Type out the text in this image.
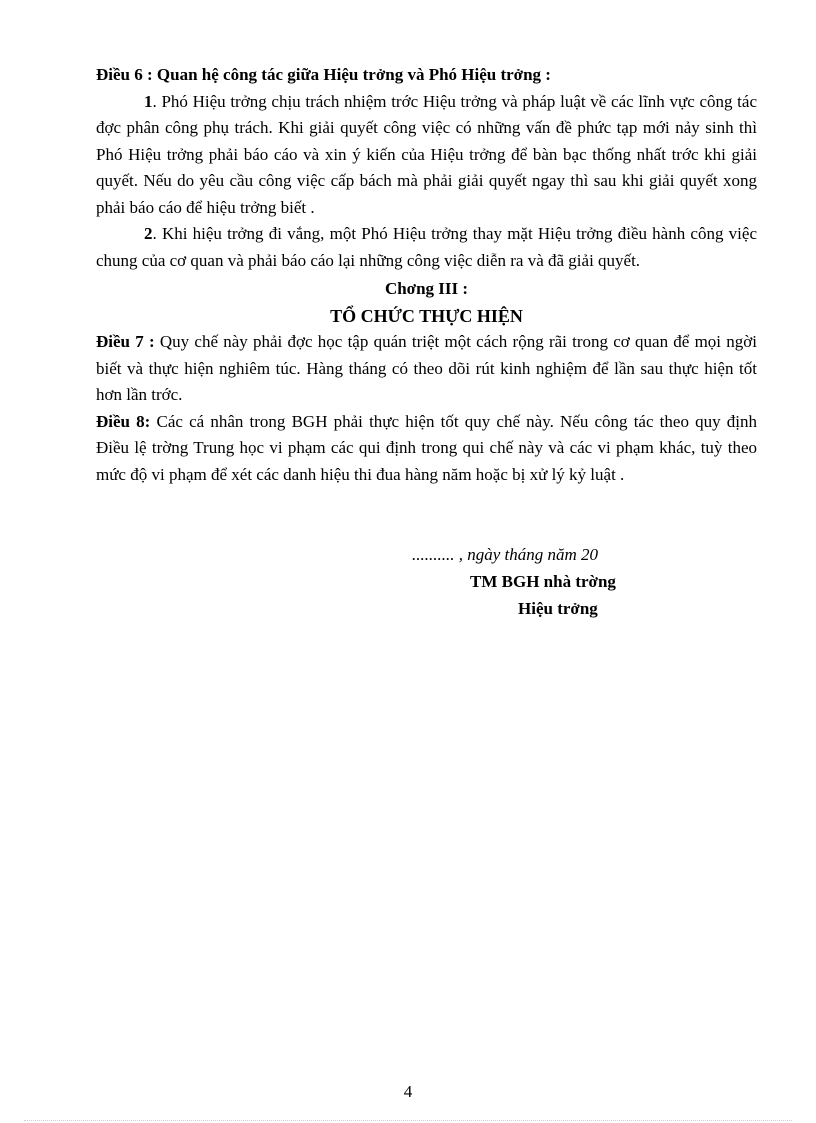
Điều 6 : Quan hệ công tác giữa Hiệu trởng và Phó Hiệu trởng :

1. Phó Hiệu trởng chịu trách nhiệm trớc Hiệu trởng và pháp luật về các lĩnh vực công tác đợc phân công phụ trách. Khi giải quyết công việc có những vấn đề phức tạp mới nảy sinh thì Phó Hiệu trởng phải báo cáo và xin ý kiến của Hiệu trởng để bàn bạc thống nhất trớc khi giải quyết. Nếu do yêu cầu công việc cấp bách mà phải giải quyết ngay thì sau khi giải quyết xong phải báo cáo để hiệu trởng biết .

2. Khi hiệu trởng đi vắng, một Phó Hiệu trởng thay mặt Hiệu trởng điều hành công việc chung của cơ quan và phải báo cáo lại những công việc diễn ra và đã giải quyết.

Chơng III :

TỔ CHỨC THỰC HIỆN

Điều 7 : Quy chế này phải đợc học tập quán triệt một cách rộng rãi trong cơ quan để mọi ngời biết và thực hiện nghiêm túc. Hàng tháng có theo dõi rút kinh nghiệm để lần sau thực hiện tốt hơn lần trớc.

Điều 8: Các cá nhân trong BGH phải thực hiện tốt quy chế này. Nếu công tác theo quy định Điều lệ trờng Trung học vi phạm các qui định trong qui chế này và các vi phạm khác, tuỳ theo mức độ vi phạm để xét các danh hiệu thi đua hàng năm hoặc bị xử lý kỷ luật .

.......... , ngày tháng năm 20
TM BGH nhà trờng
Hiệu trởng
4
